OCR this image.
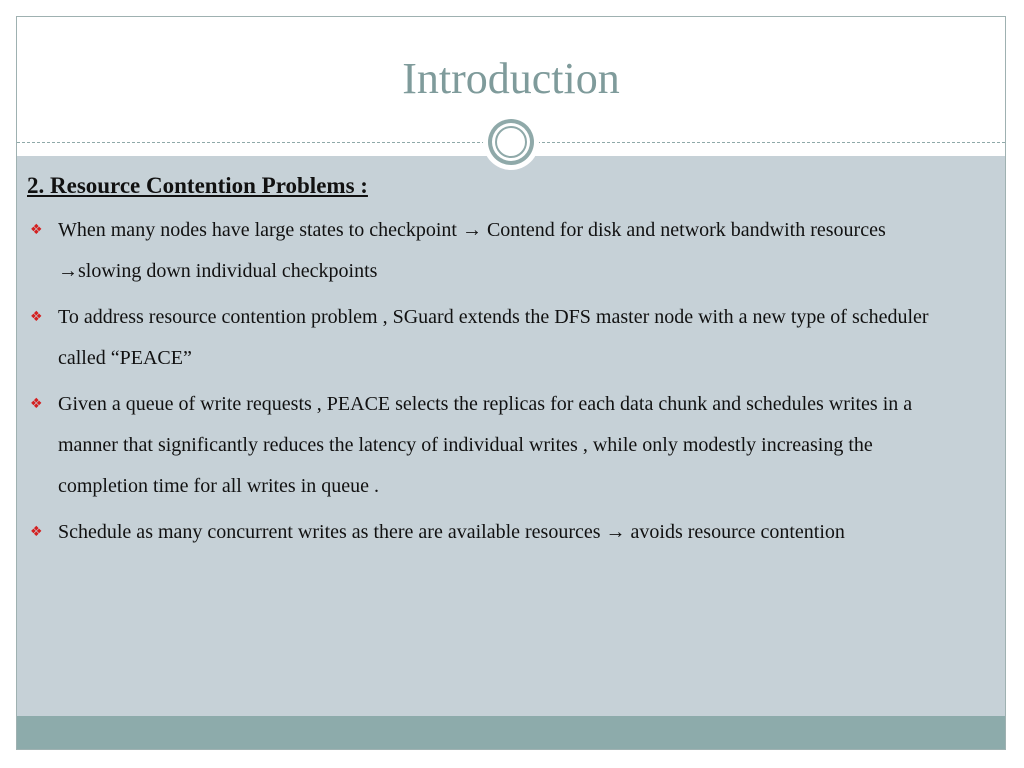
Introduction
2. Resource Contention Problems :
❖ When many nodes have large states to checkpoint → Contend for disk and network bandwith resources →slowing down individual checkpoints
❖ To address resource contention problem , SGuard extends the DFS master node with a new type of scheduler called “PEACE”
❖ Given a queue of write requests , PEACE selects the replicas for each data chunk and schedules writes in a manner that significantly reduces the latency of individual writes , while only modestly increasing the completion time for all writes in queue .
❖ Schedule as many concurrent writes as there are available resources → avoids resource contention
